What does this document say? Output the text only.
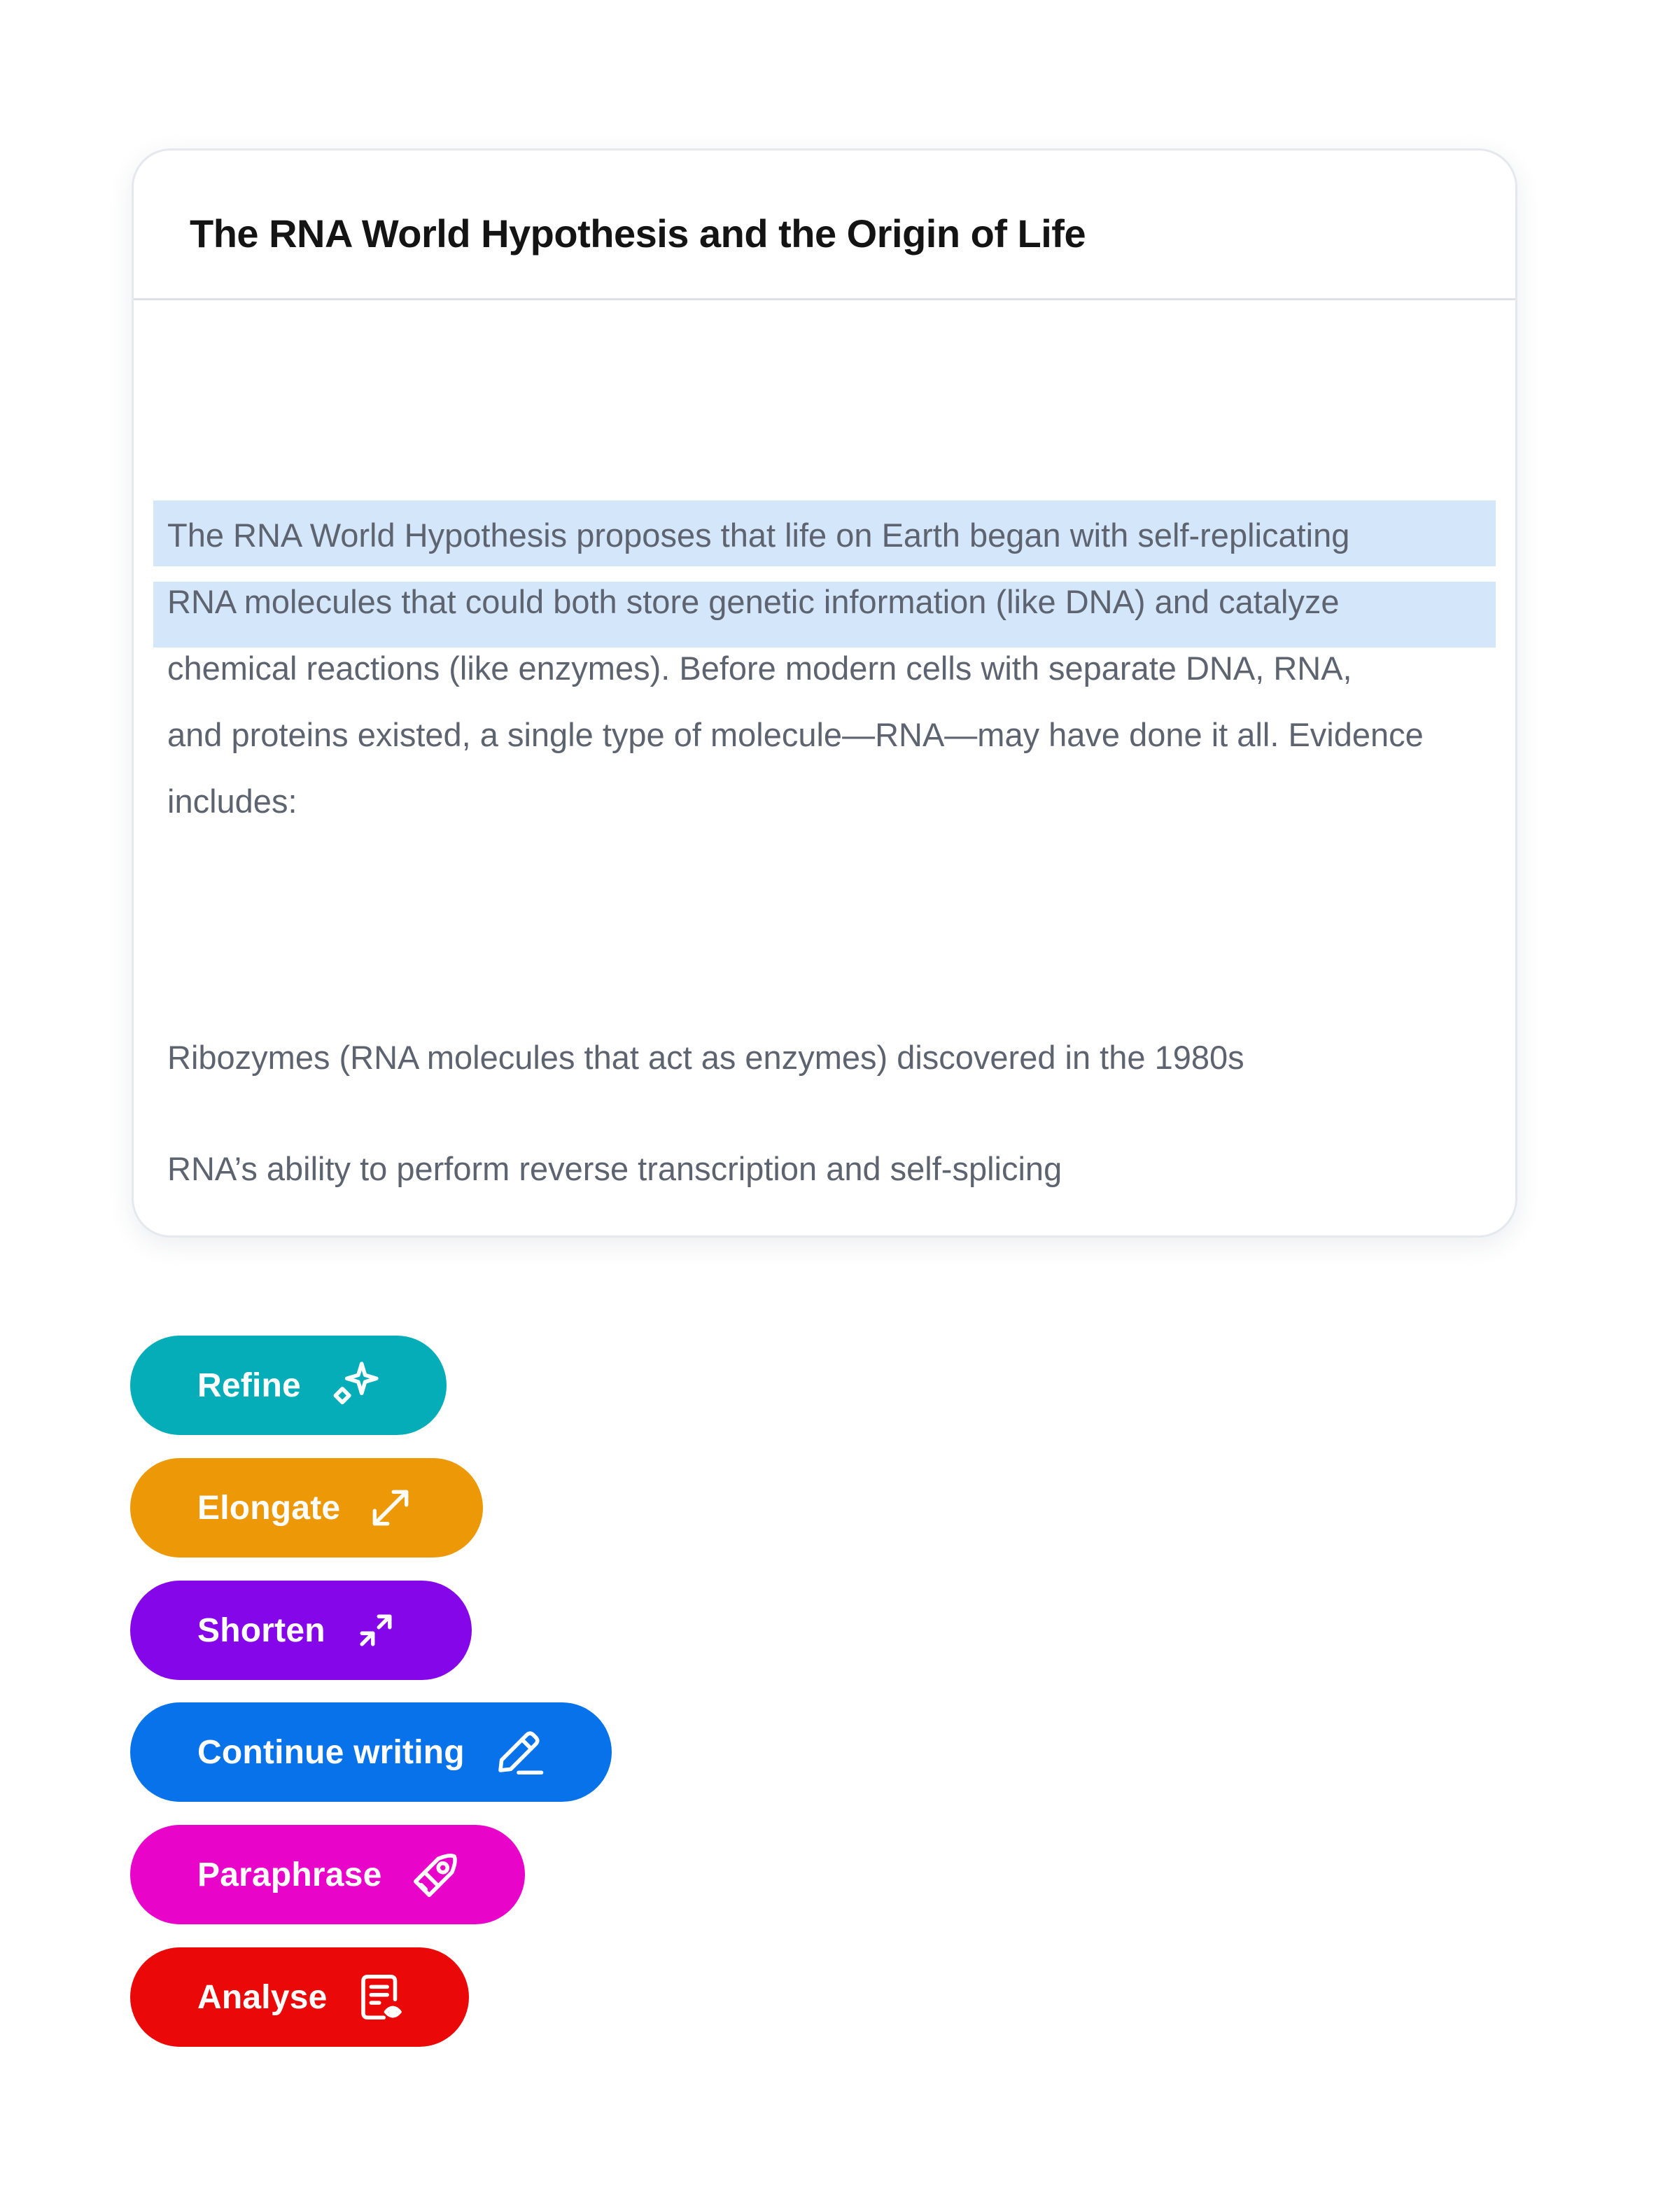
The RNA World Hypothesis and the Origin of Life

The RNA World Hypothesis proposes that life on Earth began with self-replicating
RNA molecules that could both store genetic information (like DNA) and catalyze
chemical reactions (like enzymes). Before modern cells with separate DNA, RNA,
and proteins existed, a single type of molecule—RNA—may have done it all. Evidence
includes:

Ribozymes (RNA molecules that act as enzymes) discovered in the 1980s

RNA’s ability to perform reverse transcription and self-splicing

Refine
Elongate
Shorten
Continue writing
Paraphrase
Analyse
